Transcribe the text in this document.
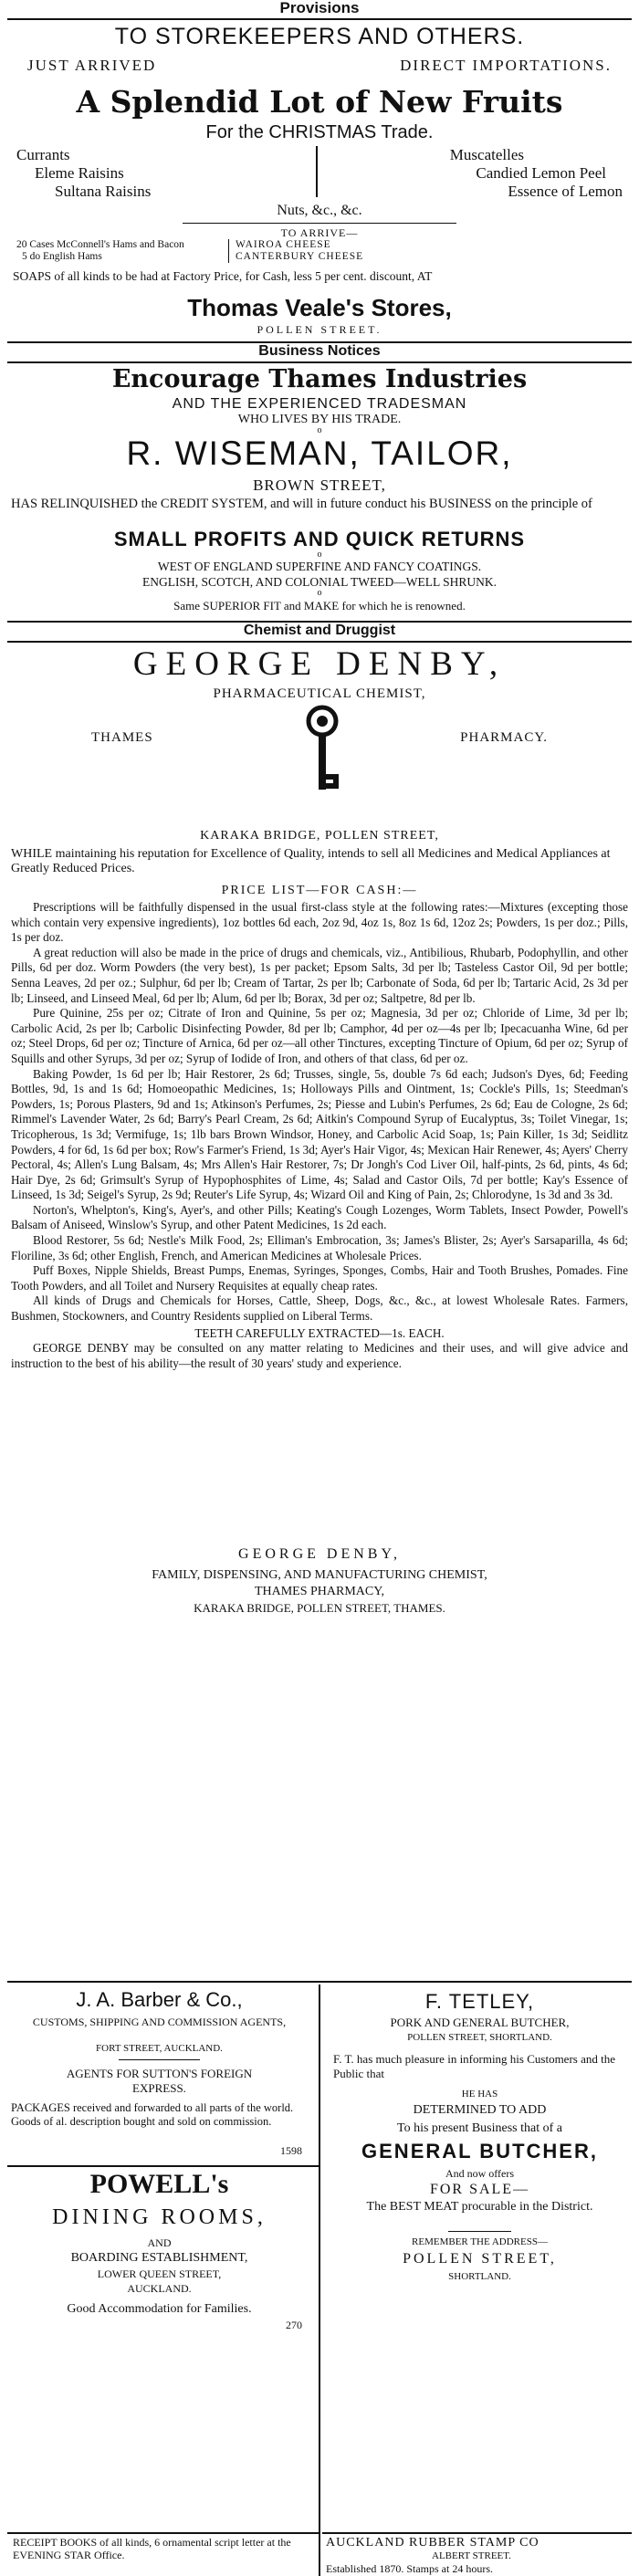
Provisions
TO STOREKEEPERS AND OTHERS.
JUST ARRIVED	DIRECT IMPORTATIONS.
A Splendid Lot of New Fruits
For the CHRISTMAS Trade.
Currants
Eleme Raisins
Sultana Raisins
Muscatelles
Candied Lemon Peel
Essence of Lemon
Nuts, &c., &c.
TO ARRIVE—
20 Cases McConnell's Hams and Bacon
5 do English Hams
WAIROA CHEESE
CANTERBURY CHEESE
SOAPS of all kinds to be had at Factory Price, for Cash, less 5 per cent. discount, AT
Thomas Veale's Stores,
POLLEN STREET.
Business Notices
Encourage Thames Industries
AND THE EXPERIENCED TRADESMAN
WHO LIVES BY HIS TRADE.
o
R. WISEMAN, TAILOR,
BROWN STREET,
HAS RELINQUISHED the CREDIT SYSTEM, and will in future conduct his BUSINESS on the principle of
SMALL PROFITS AND QUICK RETURNS
o
WEST OF ENGLAND SUPERFINE AND FANCY COATINGS.
ENGLISH, SCOTCH, AND COLONIAL TWEED—WELL SHRUNK.
o
Same SUPERIOR FIT and MAKE for which he is renowned.
Chemist and Druggist
GEORGE DENBY,
PHARMACEUTICAL CHEMIST,
THAMES	PHARMACY.
KARAKA BRIDGE, POLLEN STREET,
WHILE maintaining his reputation for Excellence of Quality, intends to sell all Medicines and Medical Appliances at Greatly Reduced Prices.
PRICE LIST—FOR CASH:—

Prescriptions will be faithfully dispensed in the usual first-class style at the following rates:—Mixtures (excepting those which contain very expensive ingredients), 1oz bottles 6d each, 2oz 9d, 4oz 1s, 8oz 1s 6d, 12oz 2s; Powders, 1s per doz.; Pills, 1s per doz.

A great reduction will also be made in the price of drugs and chemicals, viz., Antibilious, Rhubarb, Podophyllin, and other Pills, 6d per doz. Worm Powders (the very best), 1s per packet; Epsom Salts, 3d per lb; Tasteless Castor Oil, 9d per bottle; Senna Leaves, 2d per oz.; Sulphur, 6d per lb; Cream of Tartar, 2s per lb; Carbonate of Soda, 6d per lb; Tartaric Acid, 2s 3d per lb; Linseed, and Linseed Meal, 6d per lb; Alum, 6d per lb; Borax, 3d per oz; Saltpetre, 8d per lb.

Pure Quinine, 25s per oz; Citrate of Iron and Quinine, 5s per oz; Magnesia, 3d per oz; Chloride of Lime, 3d per lb; Carbolic Acid, 2s per lb; Carbolic Disinfecting Powder, 8d per lb; Camphor, 4d per oz—4s per lb; Ipecacuanha Wine, 6d per oz; Steel Drops, 6d per oz; Tincture of Arnica, 6d per oz—all other Tinctures, excepting Tincture of Opium, 6d per oz; Syrup of Squills and other Syrups, 3d per oz; Syrup of Iodide of Iron, and others of that class, 6d per oz.

Baking Powder, 1s 6d per lb; Hair Restorer, 2s 6d; Trusses, single, 5s, double 7s 6d each; Judson's Dyes, 6d; Feeding Bottles, 9d, 1s and 1s 6d; Homoeopathic Medicines, 1s; Holloways Pills and Ointment, 1s; Cockle's Pills, 1s; Steedman's Powders, 1s; Porous Plasters, 9d and 1s; Atkinson's Perfumes, 2s; Piesse and Lubin's Perfumes, 2s 6d; Eau de Cologne, 2s 6d; Rimmel's Lavender Water, 2s 6d; Barry's Pearl Cream, 2s 6d; Aitkin's Compound Syrup of Eucalyptus, 3s; Toilet Vinegar, 1s; Tricopherous, 1s 3d; Vermifuge, 1s; 1lb bars Brown Windsor, Honey, and Carbolic Acid Soap, 1s; Pain Killer, 1s 3d; Seidlitz Powders, 4 for 6d, 1s 6d per box; Row's Farmer's Friend, 1s 3d; Ayer's Hair Vigor, 4s; Mexican Hair Renewer, 4s; Ayers' Cherry Pectoral, 4s; Allen's Lung Balsam, 4s; Mrs Allen's Hair Restorer, 7s; Dr Jongh's Cod Liver Oil, half-pints, 2s 6d, pints, 4s 6d; Hair Dye, 2s 6d; Grimsult's Syrup of Hypophosphites of Lime, 4s; Salad and Castor Oils, 7d per bottle; Kay's Essence of Linseed, 1s 3d; Seigel's Syrup, 2s 9d; Reuter's Life Syrup, 4s; Wizard Oil and King of Pain, 2s; Chlorodyne, 1s 3d and 3s 3d.

Norton's, Whelpton's, King's, Ayer's, and other Pills; Keating's Cough Lozenges, Worm Tablets, Insect Powder, Powell's Balsam of Aniseed, Winslow's Syrup, and other Patent Medicines, 1s 2d each.

Blood Restorer, 5s 6d; Nestle's Milk Food, 2s; Elliman's Embrocation, 3s; James's Blister, 2s; Ayer's Sarsaparilla, 4s 6d; Floriline, 3s 6d; other English, French, and American Medicines at Wholesale Prices.

Puff Boxes, Nipple Shields, Breast Pumps, Enemas, Syringes, Sponges, Combs, Hair and Tooth Brushes, Pomades. Fine Tooth Powders, and all Toilet and Nursery Requisites at equally cheap rates.

All kinds of Drugs and Chemicals for Horses, Cattle, Sheep, Dogs, &c., &c., at lowest Wholesale Rates. Farmers, Bushmen, Stockowners, and Country Residents supplied on Liberal Terms.

TEETH CAREFULLY EXTRACTED—1s. EACH.

GEORGE DENBY may be consulted on any matter relating to Medicines and their uses, and will give advice and instruction to the best of his ability—the result of 30 years' study and experience.

GEORGE DENBY,
FAMILY, DISPENSING, AND MANUFACTURING CHEMIST,
THAMES PHARMACY,
KARAKA BRIDGE, POLLEN STREET, THAMES.
J. A. Barber & Co.,
CUSTOMS, SHIPPING AND COMMISSION AGENTS,
FORT STREET, AUCKLAND.
AGENTS FOR SUTTON'S FOREIGN
EXPRESS.
PACKAGES received and forwarded to all parts of the world. Goods of al. description bought and sold on commission.
1598
POWELL's
DINING ROOMS,
AND
BOARDING ESTABLISHMENT,
LOWER QUEEN STREET,
AUCKLAND.
Good Accommodation for Families.
270
RECEIPT BOOKS of all kinds, 6 ornamental script letter at the EVENING STAR Office.
F. TETLEY,
PORK AND GENERAL BUTCHER,
POLLEN STREET, SHORTLAND.
F. T. has much pleasure in informing his Customers and the Public that
HE HAS
DETERMINED TO ADD
To his present Business that of a
GENERAL BUTCHER,
And now offers
FOR SALE—
The BEST MEAT procurable in the District.
REMEMBER THE ADDRESS—
POLLEN STREET,
SHORTLAND.
AUCKLAND RUBBER STAMP CO
ALBERT STREET.
Established 1870. Stamps at 24 hours.
